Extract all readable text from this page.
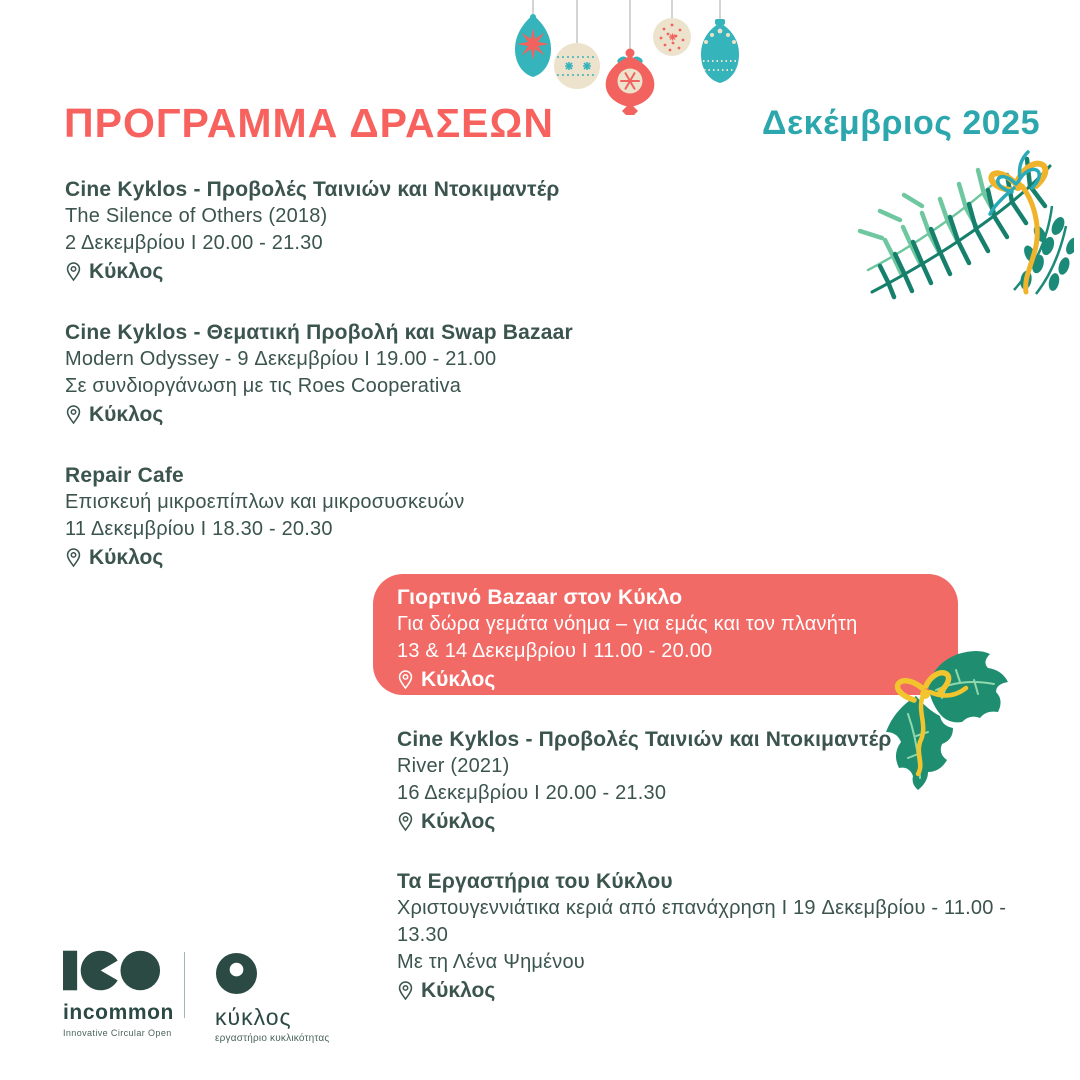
ΠΡΟΓΡΑΜΜΑ ΔΡΑΣΕΩΝ	Δεκέμβριος 2025
Cine Kyklos - Προβολές Ταινιών και Ντοκιμαντέρ

The Silence of Others (2018)

2 Δεκεμβρίου I 20.00 - 21.30

Κύκλος
Cine Kyklos - Θεματική Προβολή και Swap Bazaar

Modern Odyssey - 9 Δεκεμβρίου I 19.00 - 21.00

Σε συνδιοργάνωση με τις Roes Cooperativa

Κύκλος
Repair Cafe

Επισκευή μικροεπίπλων και μικροσυσκευών

11 Δεκεμβρίου I 18.30 - 20.30

Κύκλος
Γιορτινό Bazaar στον Κύκλο

Για δώρα γεμάτα νόημα – για εμάς και τον πλανήτη

13 & 14 Δεκεμβρίου I 11.00 - 20.00

Κύκλος
Cine Kyklos - Προβολές Ταινιών και Ντοκιμαντέρ

River (2021)

16 Δεκεμβρίου I 20.00 - 21.30

Κύκλος
Τα Εργαστήρια του Κύκλου

Χριστουγεννιάτικα κεριά από επανάχρηση I 19 Δεκεμβρίου - 11.00 - 13.30

Με τη Λένα Ψημένου

Κύκλος
incommon
Innovative Circular Open
κύκλος
εργαστήριο κυκλικότητας
